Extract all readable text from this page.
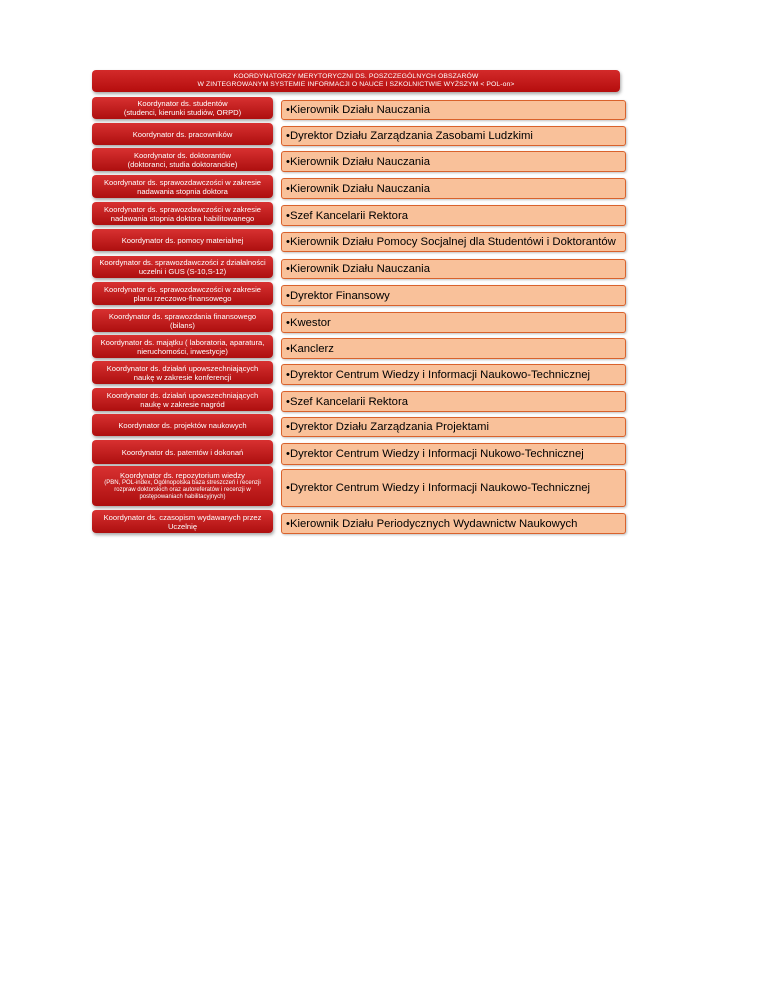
KOORDYNATORZY MERYTORYCZNI DS. POSZCZEGÓLNYCH OBSZARÓW
W ZINTEGROWANYM SYSTEMIE INFORMACJI O NAUCE I SZKOLNICTWIE WYŻSZYM < POL-on>
Koordynator ds. studentów
(studenci, kierunki studiów, ORPD)	•Kierownik Działu Nauczania
Koordynator ds. pracowników	•Dyrektor Działu Zarządzania Zasobami Ludzkimi
Koordynator ds. doktorantów
(doktoranci, studia doktoranckie)	•Kierownik Działu Nauczania
Koordynator ds. sprawozdawczości w zakresie
nadawania stopnia doktora	•Kierownik Działu Nauczania
Koordynator ds. sprawozdawczości w zakresie
nadawania stopnia doktora habilitowanego	•Szef Kancelarii Rektora
Koordynator ds. pomocy materialnej	•Kierownik Działu Pomocy Socjalnej dla Studentówi i Doktorantów
Koordynator ds. sprawozdawczości z działalności
uczelni i GUS (S-10,S-12)	•Kierownik Działu Nauczania
Koordynator ds. sprawozdawczości w zakresie
planu rzeczowo-finansowego	•Dyrektor Finansowy
Koordynator ds. sprawozdania finansowego
(bilans)	•Kwestor
Koordynator ds. majątku ( laboratoria, aparatura,
nieruchomości, inwestycje)	•Kanclerz
Koordynator ds. działań upowszechniających
naukę w zakresie konferencji	•Dyrektor Centrum Wiedzy i Informacji Naukowo-Technicznej
Koordynator ds. działań upowszechniających
naukę w zakresie nagród	•Szef Kancelarii Rektora
Koordynator ds. projektów naukowych	•Dyrektor Działu Zarządzania Projektami
Koordynator ds. patentów i dokonań	•Dyrektor Centrum Wiedzy i Informacji Nukowo-Technicznej
Koordynator ds. repozytorium wiedzy
(PBN, POL-index, Ogólnopolska baza streszczeń i recenzji
rozpraw doktorskich oraz autoreferatów i recenzji w
postępowaniach habilitacyjnych)
•Dyrektor Centrum Wiedzy i Informacji Naukowo-Technicznej
Koordynator ds. czasopism wydawanych przez
Uczelnię	•Kierownik Działu Periodycznych Wydawnictw Naukowych
